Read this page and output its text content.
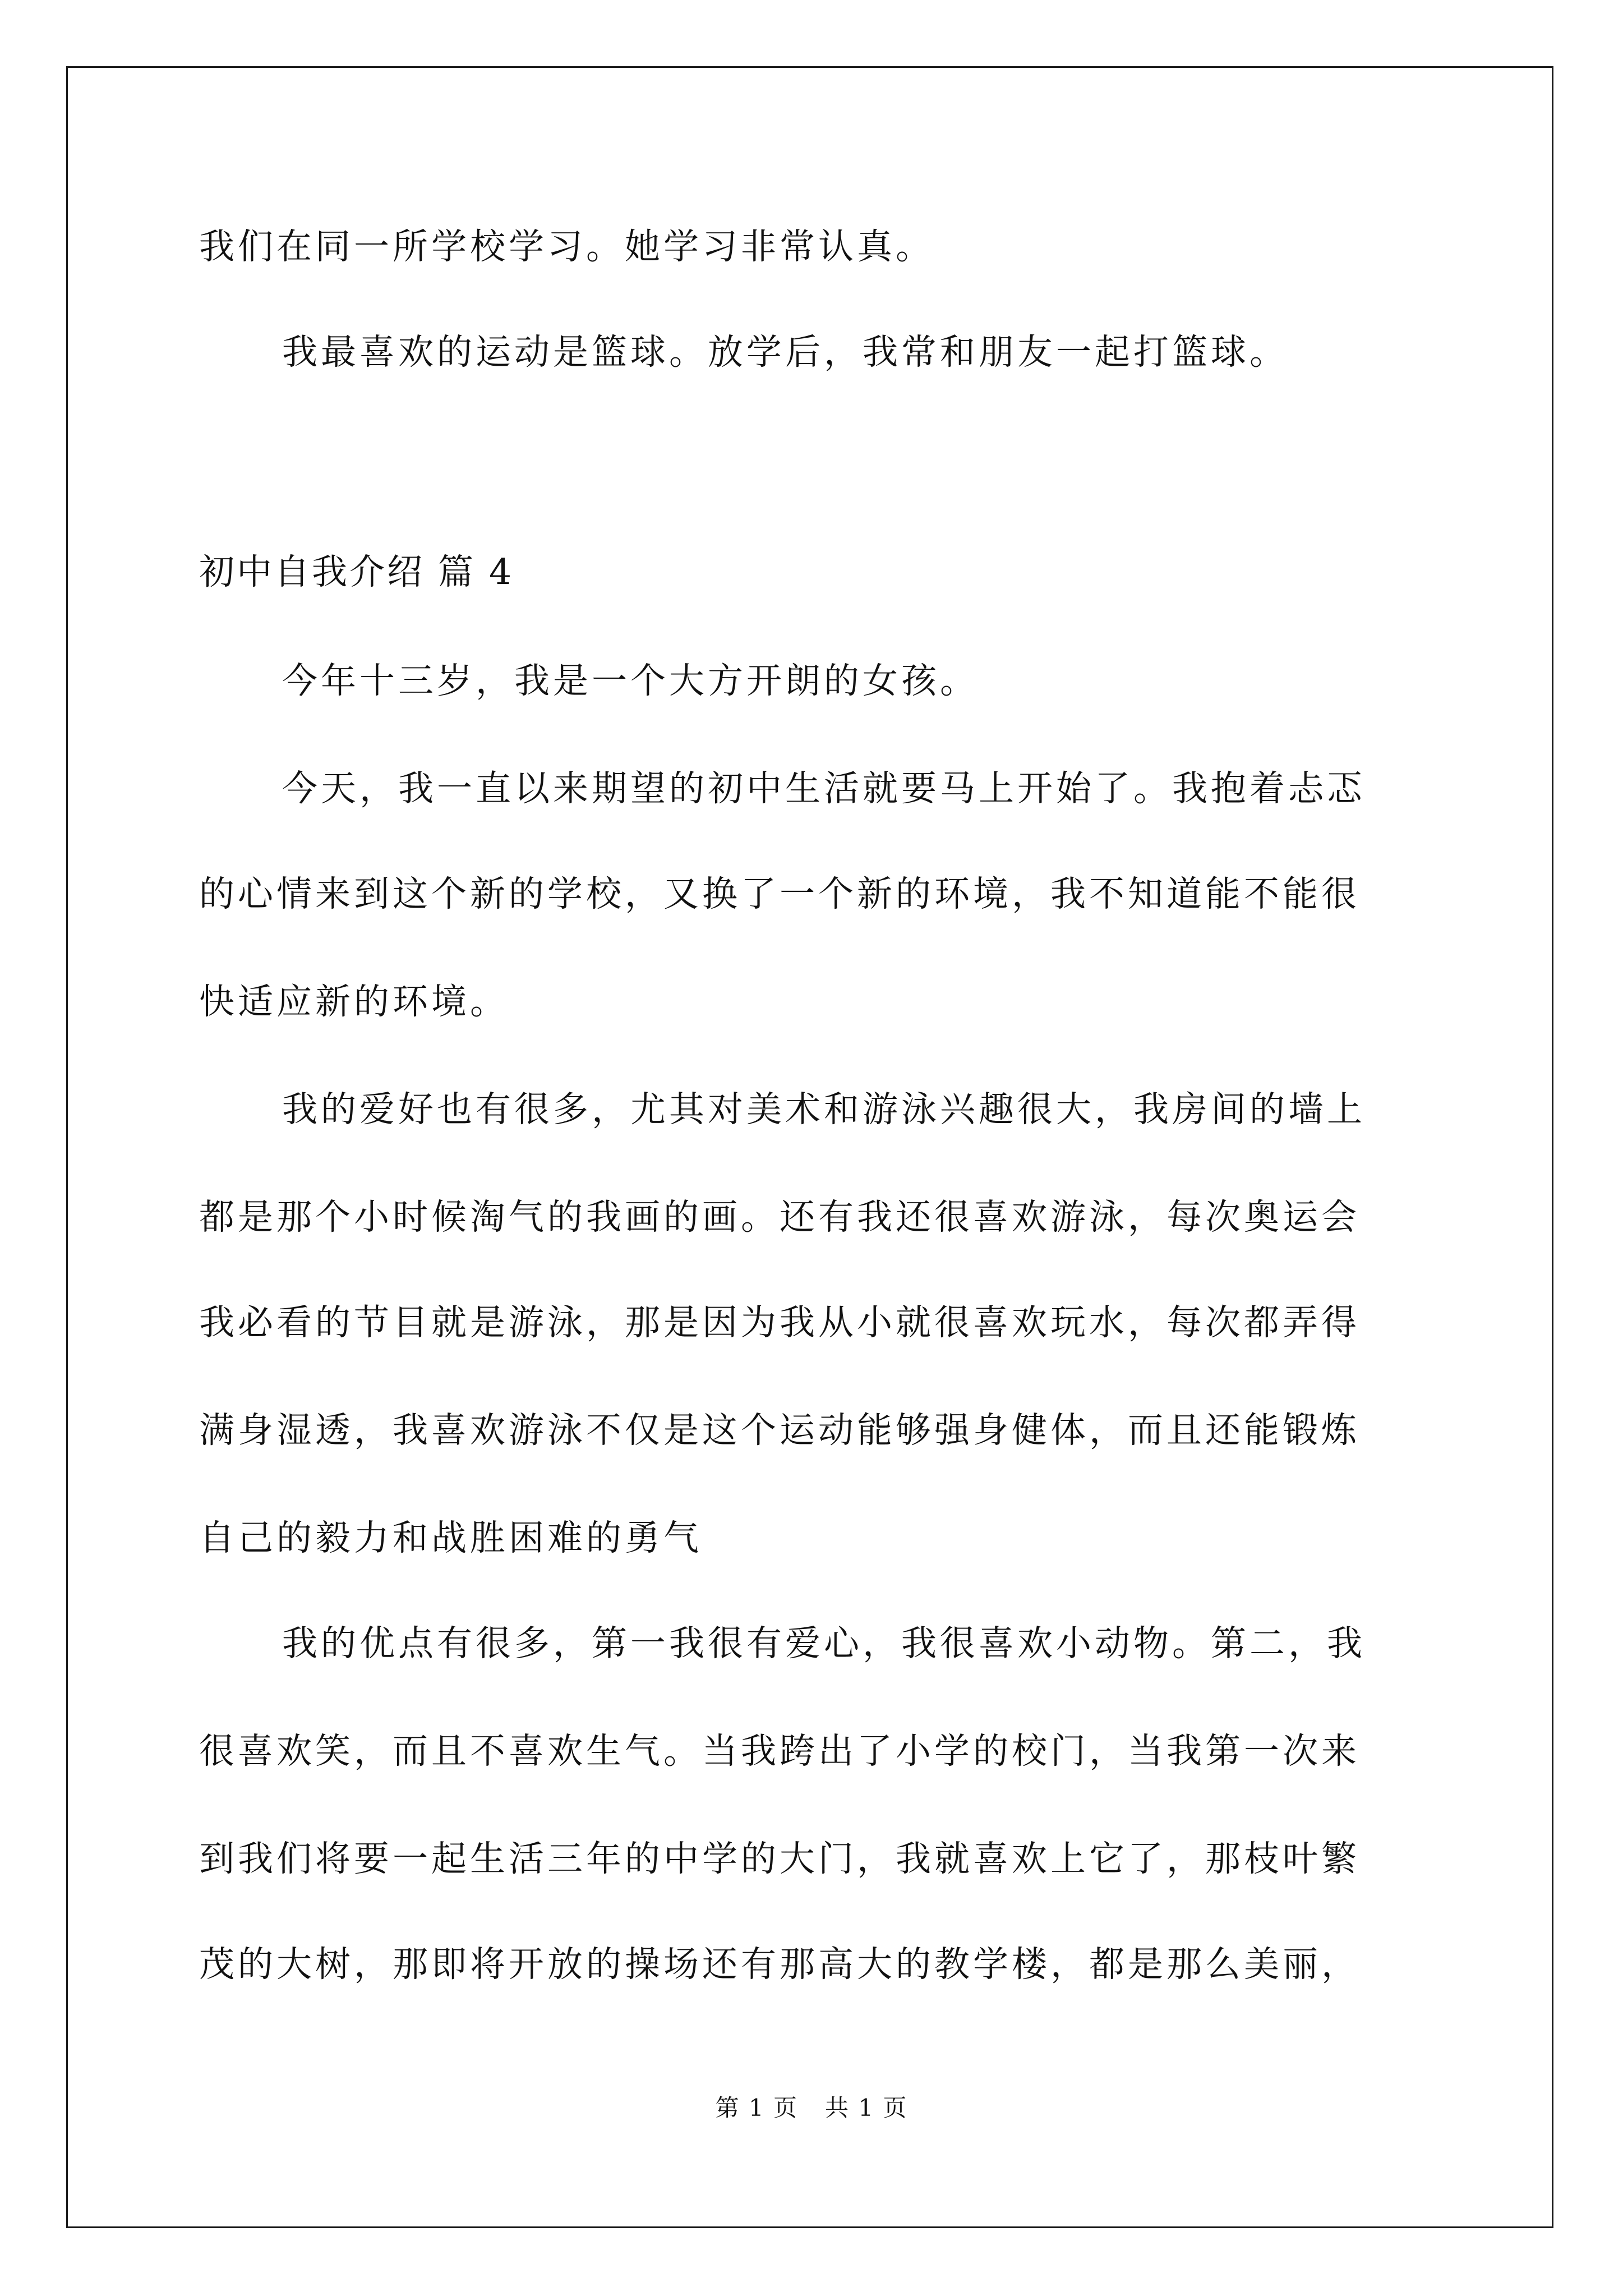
我们在同一所学校学习。她学习非常认真。
我最喜欢的运动是篮球。放学后，我常和朋友一起打篮球。
初中自我介绍 篇 4
今年十三岁，我是一个大方开朗的女孩。
今天，我一直以来期望的初中生活就要马上开始了。我抱着忐忑
的心情来到这个新的学校，又换了一个新的环境，我不知道能不能很
快适应新的环境。
我的爱好也有很多，尤其对美术和游泳兴趣很大，我房间的墙上
都是那个小时候淘气的我画的画。还有我还很喜欢游泳，每次奥运会
我必看的节目就是游泳，那是因为我从小就很喜欢玩水，每次都弄得
满身湿透，我喜欢游泳不仅是这个运动能够强身健体，而且还能锻炼
自己的毅力和战胜困难的勇气
我的优点有很多，第一我很有爱心，我很喜欢小动物。第二，我
很喜欢笑，而且不喜欢生气。当我跨出了小学的校门，当我第一次来
到我们将要一起生活三年的中学的大门，我就喜欢上它了，那枝叶繁
茂的大树，那即将开放的操场还有那高大的教学楼，都是那么美丽，
第 1 页 共 1 页
